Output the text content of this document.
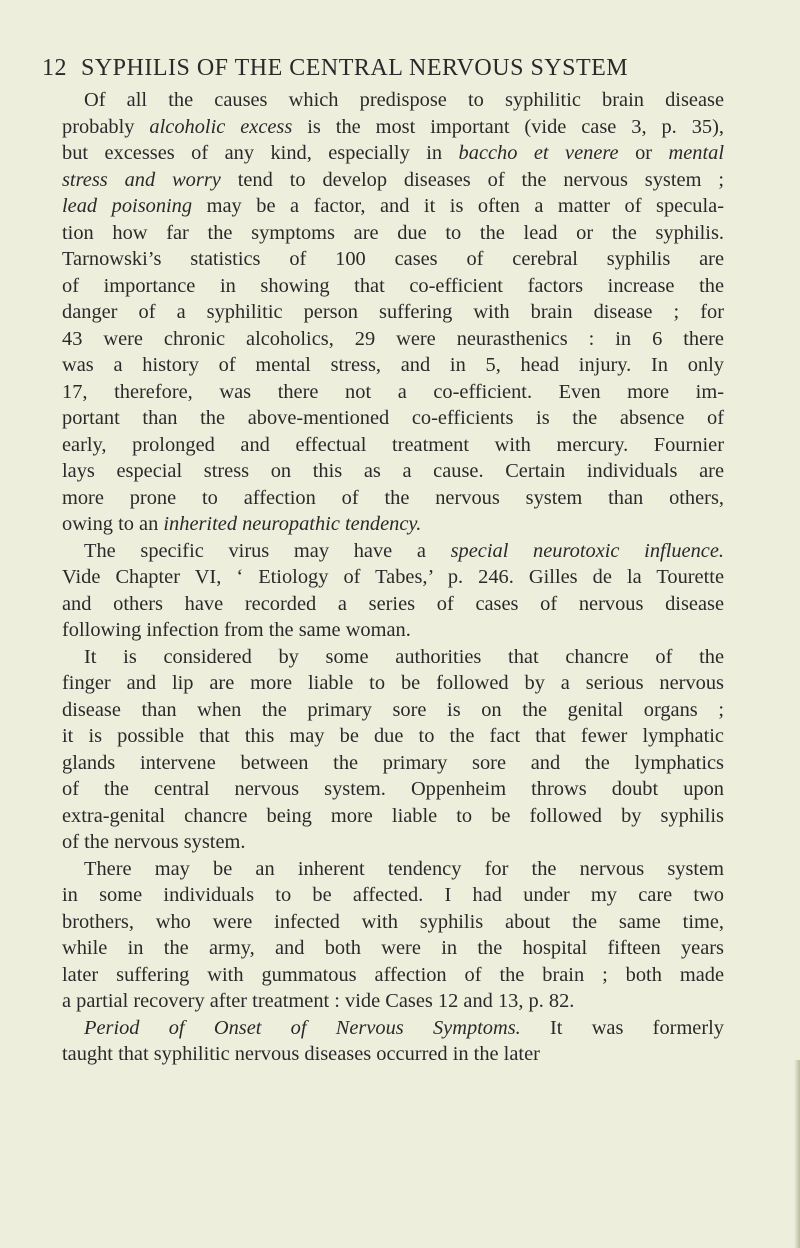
12 SYPHILIS OF THE CENTRAL NERVOUS SYSTEM
Of all the causes which predispose to syphilitic brain disease
probably alcoholic excess is the most important (vide case 3, p. 35),
but excesses of any kind, especially in baccho et venere or mental
stress and worry tend to develop diseases of the nervous system ;
lead poisoning may be a factor, and it is often a matter of specula-
tion how far the symptoms are due to the lead or the syphilis.
Tarnowski’s statistics of 100 cases of cerebral syphilis are
of importance in showing that co-efficient factors increase the
danger of a syphilitic person suffering with brain disease ; for
43 were chronic alcoholics, 29 were neurasthenics : in 6 there
was a history of mental stress, and in 5, head injury. In only
17, therefore, was there not a co-efficient. Even more im-
portant than the above-mentioned co-efficients is the absence of
early, prolonged and effectual treatment with mercury. Fournier
lays especial stress on this as a cause. Certain individuals are
more prone to affection of the nervous system than others,
owing to an inherited neuropathic tendency.
The specific virus may have a special neurotoxic influence.
Vide Chapter VI, ‘ Etiology of Tabes,’ p. 246. Gilles de la Tourette
and others have recorded a series of cases of nervous disease
following infection from the same woman.
It is considered by some authorities that chancre of the
finger and lip are more liable to be followed by a serious nervous
disease than when the primary sore is on the genital organs ;
it is possible that this may be due to the fact that fewer lymphatic
glands intervene between the primary sore and the lymphatics
of the central nervous system. Oppenheim throws doubt upon
extra-genital chancre being more liable to be followed by syphilis
of the nervous system.
There may be an inherent tendency for the nervous system
in some individuals to be affected. I had under my care two
brothers, who were infected with syphilis about the same time,
while in the army, and both were in the hospital fifteen years
later suffering with gummatous affection of the brain ; both made
a partial recovery after treatment : vide Cases 12 and 13, p. 82.
Period of Onset of Nervous Symptoms. It was formerly
taught that syphilitic nervous diseases occurred in the later
